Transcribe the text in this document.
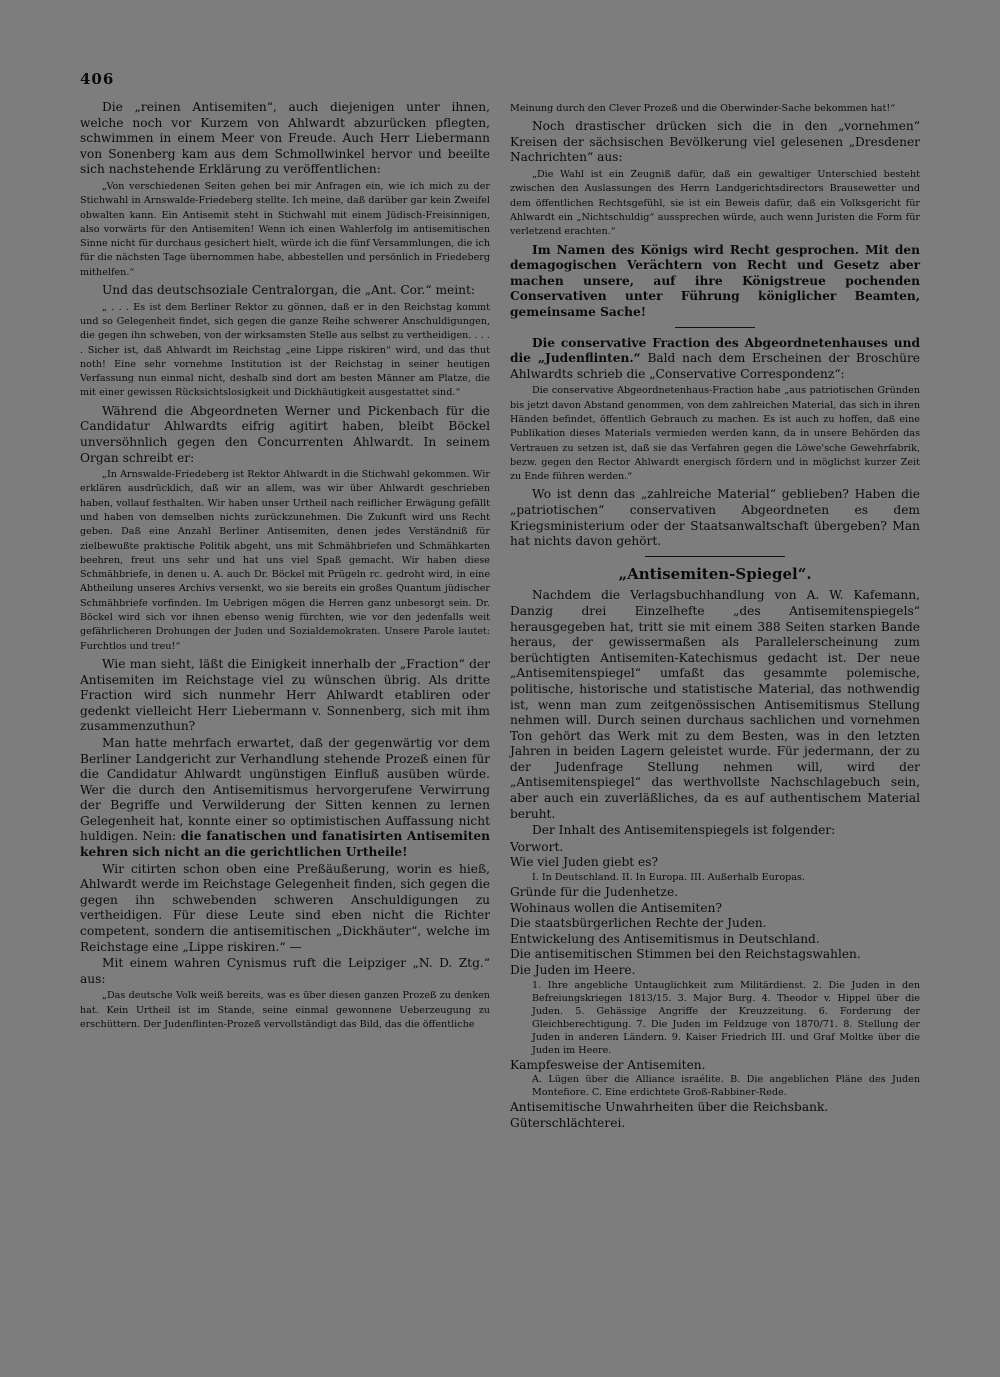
406

Die „reinen Antisemiten“, auch diejenigen unter ihnen, welche noch vor Kurzem von Ahlwardt abzurücken pflegten, schwimmen in einem Meer von Freude. Auch Herr Liebermann von Sonenberg kam aus dem Schmollwinkel hervor und beeilte sich nachstehende Erklärung zu veröffentlichen:

„Von verschiedenen Seiten gehen bei mir Anfragen ein, wie ich mich zu der Stichwahl in Arnswalde-Friedeberg stellte. Ich meine, daß darüber gar kein Zweifel obwalten kann. Ein Antisemit steht in Stichwahl mit einem Jüdisch-Freisinnigen, also vorwärts für den Antisemiten! Wenn ich einen Wahlerfolg im antisemitischen Sinne nicht für durchaus gesichert hielt, würde ich die fünf Versammlungen, die ich für die nächsten Tage übernommen habe, abbestellen und persönlich in Friedeberg mithelfen.“

Und das deutschsoziale Centralorgan, die „Ant. Cor.“ meint:

„ . . . Es ist dem Berliner Rektor zu gönnen, daß er in den Reichstag kommt und so Gelegenheit findet, sich gegen die ganze Reihe schwerer Anschuldigungen, die gegen ihn schweben, von der wirksamsten Stelle aus selbst zu vertheidigen. . . . . Sicher ist, daß Ahlwardt im Reichstag „eine Lippe riskiren“ wird, und das thut noth! Eine sehr vornehme Institution ist der Reichstag in seiner heutigen Verfassung nun einmal nicht, deshalb sind dort am besten Männer am Platze, die mit einer gewissen Rücksichtslosigkeit und Dickhäutigkeit ausgestattet sind.“

Während die Abgeordneten Werner und Pickenbach für die Candidatur Ahlwardts eifrig agitirt haben, bleibt Böckel unversöhnlich gegen den Concurrenten Ahlwardt. In seinem Organ schreibt er:

„In Arnswalde-Friedeberg ist Rektor Ahlwardt in die Stichwahl gekommen. Wir erklären ausdrücklich, daß wir an allem, was wir über Ahlwardt geschrieben haben, vollauf festhalten. Wir haben unser Urtheil nach reiflicher Erwägung gefällt und haben von demselben nichts zurückzunehmen. Die Zukunft wird uns Recht geben. Daß eine Anzahl Berliner Antisemiten, denen jedes Verständniß für zielbewußte praktische Politik abgeht, uns mit Schmähbriefen und Schmähkarten beehren, freut uns sehr und hat uns viel Spaß gemacht. Wir haben diese Schmähbriefe, in denen u. A. auch Dr. Böckel mit Prügeln rc. gedroht wird, in eine Abtheilung unseres Archivs versenkt, wo sie bereits ein großes Quantum jüdischer Schmähbriefe vorfinden. Im Uebrigen mögen die Herren ganz unbesorgt sein. Dr. Böckel wird sich vor ihnen ebenso wenig fürchten, wie vor den jedenfalls weit gefährlicheren Drohungen der Juden und Sozialdemokraten. Unsere Parole lautet: Furchtlos und treu!“

Wie man sieht, läßt die Einigkeit innerhalb der „Fraction“ der Antisemiten im Reichstage viel zu wünschen übrig. Als dritte Fraction wird sich nunmehr Herr Ahlwardt etabliren oder gedenkt vielleicht Herr Liebermann v. Sonnenberg, sich mit ihm zusammenzuthun?

Man hatte mehrfach erwartet, daß der gegenwärtig vor dem Berliner Landgericht zur Verhandlung stehende Prozeß einen für die Candidatur Ahlwardt ungünstigen Einfluß ausüben würde. Wer die durch den Antisemitismus hervorgerufene Verwirrung der Begriffe und Verwilderung der Sitten kennen zu lernen Gelegenheit hat, konnte einer so optimistischen Auffassung nicht huldigen. Nein: die fanatischen und fanatisirten Antisemiten kehren sich nicht an die gerichtlichen Urtheile!

Wir citirten schon oben eine Preßäußerung, worin es hieß, Ahlwardt werde im Reichstage Gelegenheit finden, sich gegen die gegen ihn schwebenden schweren Anschuldigungen zu vertheidigen. Für diese Leute sind eben nicht die Richter competent, sondern die antisemitischen „Dickhäuter“, welche im Reichstage eine „Lippe riskiren.“ —

Mit einem wahren Cynismus ruft die Leipziger „N. D. Ztg.“ aus:

„Das deutsche Volk weiß bereits, was es über diesen ganzen Prozeß zu denken hat. Kein Urtheil ist im Stande, seine einmal gewonnene Ueberzeugung zu erschüttern. Der Judenflinten-Prozeß vervollständigt das Bild, das die öffentliche

Meinung durch den Clever Prozeß und die Oberwinder-Sache bekommen hat!“

Noch drastischer drücken sich die in den „vornehmen“ Kreisen der sächsischen Bevölkerung viel gelesenen „Dresdener Nachrichten“ aus:

„Die Wahl ist ein Zeugniß dafür, daß ein gewaltiger Unterschied besteht zwischen den Auslassungen des Herrn Landgerichtsdirectors Brausewetter und dem öffentlichen Rechtsgefühl, sie ist ein Beweis dafür, daß ein Volksgericht für Ahlwardt ein „Nichtschuldig“ aussprechen würde, auch wenn Juristen die Form für verletzend erachten.“

Im Namen des Königs wird Recht gesprochen. Mit den demagogischen Verächtern von Recht und Gesetz aber machen unsere, auf ihre Königstreue pochenden Conservativen unter Führung königlicher Beamten, gemeinsame Sache!

Die conservative Fraction des Abgeordnetenhauses und die „Judenflinten.“ Bald nach dem Erscheinen der Broschüre Ahlwardts schrieb die „Conservative Correspondenz“:

Die conservative Abgeordnetenhaus-Fraction habe „aus patriotischen Gründen bis jetzt davon Abstand genommen, von dem zahlreichen Material, das sich in ihren Händen befindet, öffentlich Gebrauch zu machen. Es ist auch zu hoffen, daß eine Publikation dieses Materials vermieden werden kann, da in unsere Behörden das Vertrauen zu setzen ist, daß sie das Verfahren gegen die Löwe'sche Gewehrfabrik, bezw. gegen den Rector Ahlwardt energisch fördern und in möglichst kurzer Zeit zu Ende führen werden.“

Wo ist denn das „zahlreiche Material“ geblieben? Haben die „patriotischen“ conservativen Abgeordneten es dem Kriegsministerium oder der Staatsanwaltschaft übergeben? Man hat nichts davon gehört.

„Antisemiten-Spiegel“.

Nachdem die Verlagsbuchhandlung von A. W. Kafemann, Danzig drei Einzelhefte „des Antisemitenspiegels“ herausgegeben hat, tritt sie mit einem 388 Seiten starken Bande heraus, der gewissermaßen als Parallelerscheinung zum berüchtigten Antisemiten-Katechismus gedacht ist. Der neue „Antisemitenspiegel“ umfaßt das gesammte polemische, politische, historische und statistische Material, das nothwendig ist, wenn man zum zeitgenössischen Antisemitismus Stellung nehmen will. Durch seinen durchaus sachlichen und vornehmen Ton gehört das Werk mit zu dem Besten, was in den letzten Jahren in beiden Lagern geleistet wurde. Für jedermann, der zu der Judenfrage Stellung nehmen will, wird der „Antisemitenspiegel“ das werthvollste Nachschlagebuch sein, aber auch ein zuverläßliches, da es auf authentischem Material beruht.

Der Inhalt des Antisemitenspiegels ist folgender:

Vorwort.

Wie viel Juden giebt es?

I. In Deutschland. II. In Europa. III. Außerhalb Europas.

Gründe für die Judenhetze.

Wohinaus wollen die Antisemiten?

Die staatsbürgerlichen Rechte der Juden.

Entwickelung des Antisemitismus in Deutschland.

Die antisemitischen Stimmen bei den Reichstagswahlen.

Die Juden im Heere.

1. Ihre angebliche Untauglichkeit zum Militärdienst. 2. Die Juden in den Befreiungskriegen 1813/15. 3. Major Burg. 4. Theodor v. Hippel über die Juden. 5. Gehässige Angriffe der Kreuzzeitung. 6. Forderung der Gleichberechtigung. 7. Die Juden im Feldzuge von 1870/71. 8. Stellung der Juden in anderen Ländern. 9. Kaiser Friedrich III. und Graf Moltke über die Juden im Heere.

Kampfesweise der Antisemiten.

A. Lügen über die Alliance israélite. B. Die angeblichen Pläne des Juden Montefiore. C. Eine erdichtete Groß-Rabbiner-Rede.

Antisemitische Unwahrheiten über die Reichsbank.

Güterschlächterei.
